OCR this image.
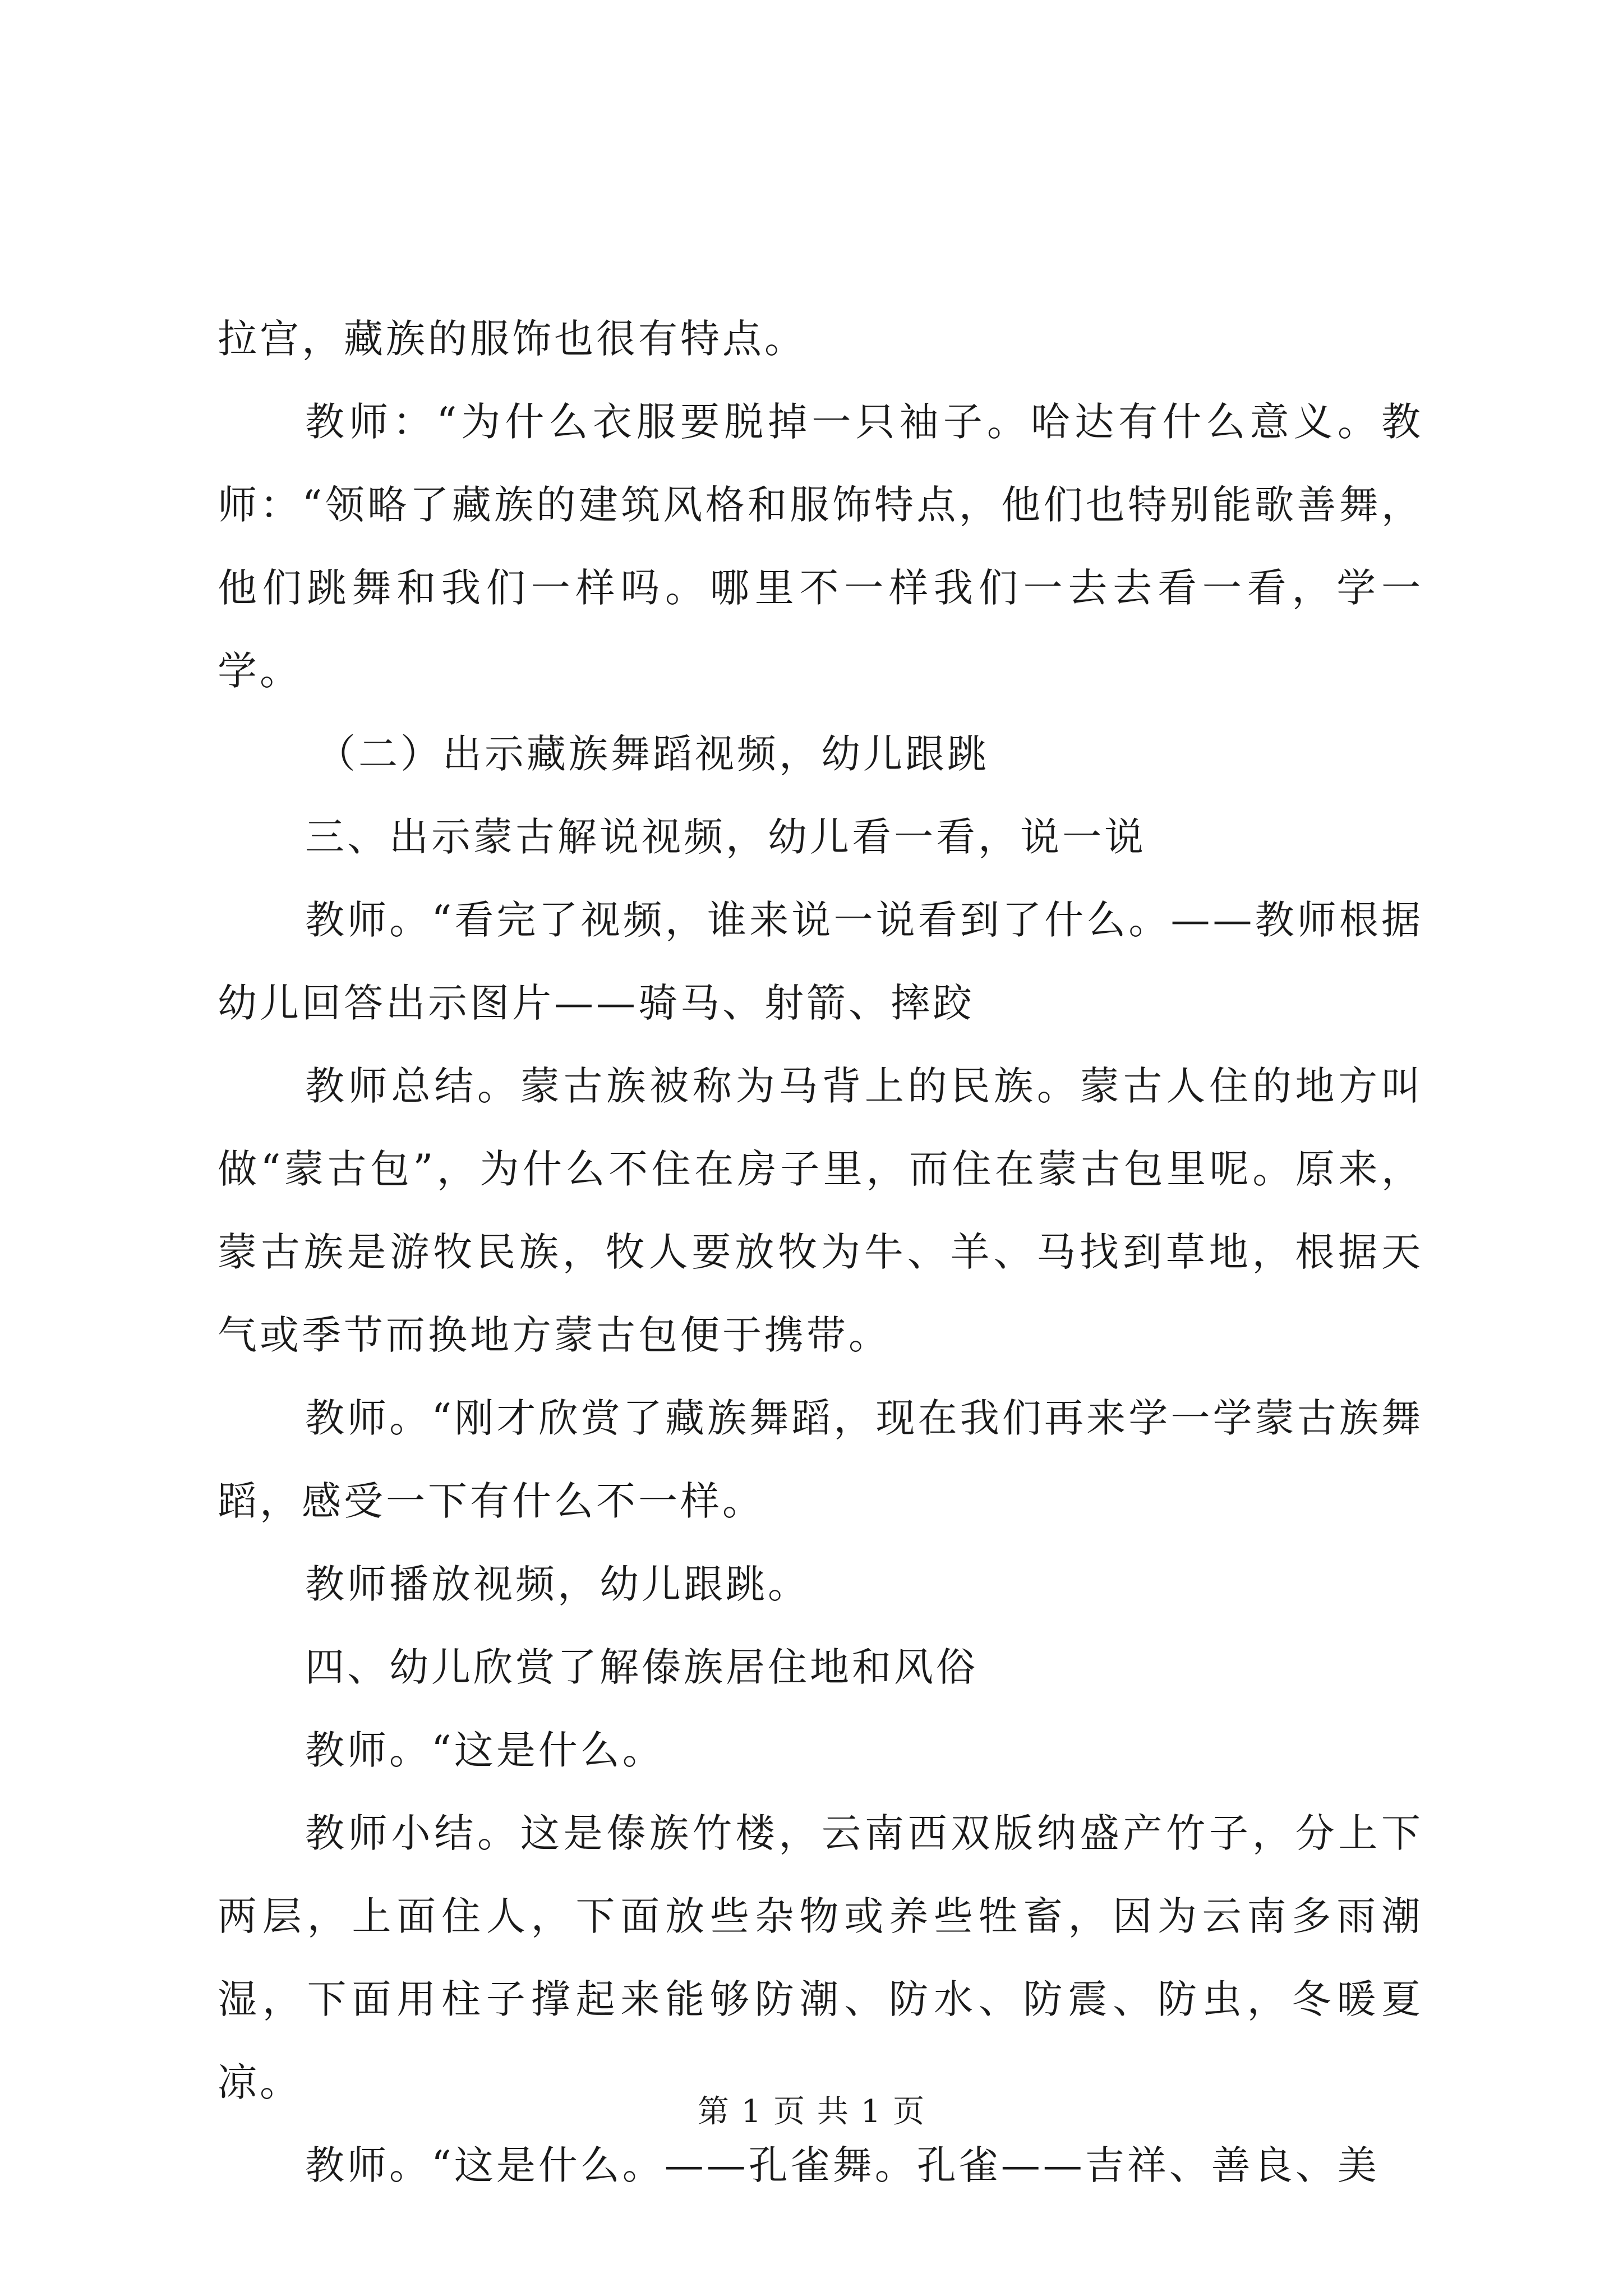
拉宫，藏族的服饰也很有特点。

教师：“为什么衣服要脱掉一只袖子。哈达有什么意义。教师：“领略了藏族的建筑风格和服饰特点，他们也特别能歌善舞，他们跳舞和我们一样吗。哪里不一样我们一去去看一看，学一学。

（二）出示藏族舞蹈视频，幼儿跟跳

三、出示蒙古解说视频，幼儿看一看，说一说

教师。“看完了视频，谁来说一说看到了什么。——教师根据幼儿回答出示图片——骑马、射箭、摔跤

教师总结。蒙古族被称为马背上的民族。蒙古人住的地方叫做“蒙古包”，为什么不住在房子里，而住在蒙古包里呢。原来，蒙古族是游牧民族，牧人要放牧为牛、羊、马找到草地，根据天气或季节而换地方蒙古包便于携带。

教师。“刚才欣赏了藏族舞蹈，现在我们再来学一学蒙古族舞蹈，感受一下有什么不一样。

教师播放视频，幼儿跟跳。

四、幼儿欣赏了解傣族居住地和风俗

教师。“这是什么。

教师小结。这是傣族竹楼，云南西双版纳盛产竹子，分上下两层，上面住人，下面放些杂物或养些牲畜，因为云南多雨潮湿，下面用柱子撑起来能够防潮、防水、防震、防虫，冬暖夏凉。

教师。“这是什么。——孔雀舞。孔雀——吉祥、善良、美

第 1 页 共 1 页
